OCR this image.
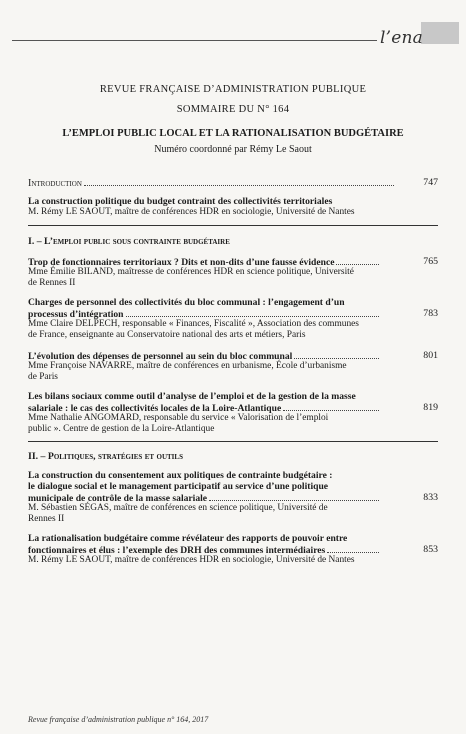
l’ena
REVUE FRANÇAISE D’ADMINISTRATION PUBLIQUE
SOMMAIRE DU N° 164
L’EMPLOI PUBLIC LOCAL ET LA RATIONALISATION BUDGÉTAIRE
Numéro coordonné par Rémy Le Saout
Introduction	747
La construction politique du budget contraint des collectivités territoriales
M. Rémy LE SAOUT, maître de conférences HDR en sociologie, Université de Nantes
I. – L’emploi public sous contrainte budgétaire
Trop de fonctionnaires territoriaux ? Dits et non-dits d’une fausse évidence	765
Mme Émilie BILAND, maîtresse de conférences HDR en science politique, Université
de Rennes II
Charges de personnel des collectivités du bloc communal : l’engagement d’un
processus d’intégration	783
Mme Claire DELPECH, responsable « Finances, Fiscalité », Association des communes
de France, enseignante au Conservatoire national des arts et métiers, Paris
L’évolution des dépenses de personnel au sein du bloc communal	801
Mme Françoise NAVARRE, maître de conférences en urbanisme, École d’urbanisme
de Paris
Les bilans sociaux comme outil d’analyse de l’emploi et de la gestion de la masse
salariale : le cas des collectivités locales de la Loire-Atlantique	819
Mme Nathalie ANGOMARD, responsable du service « Valorisation de l’emploi
public ». Centre de gestion de la Loire-Atlantique
II. – Politiques, stratégies et outils
La construction du consentement aux politiques de contrainte budgétaire :
le dialogue social et le management participatif au service d’une politique
municipale de contrôle de la masse salariale	833
M. Sébastien SÉGAS, maître de conférences en science politique, Université de
Rennes II
La rationalisation budgétaire comme révélateur des rapports de pouvoir entre
fonctionnaires et élus : l’exemple des DRH des communes intermédiaires	853
M. Rémy LE SAOUT, maître de conférences HDR en sociologie, Université de Nantes
Revue française d’administration publique n° 164, 2017
